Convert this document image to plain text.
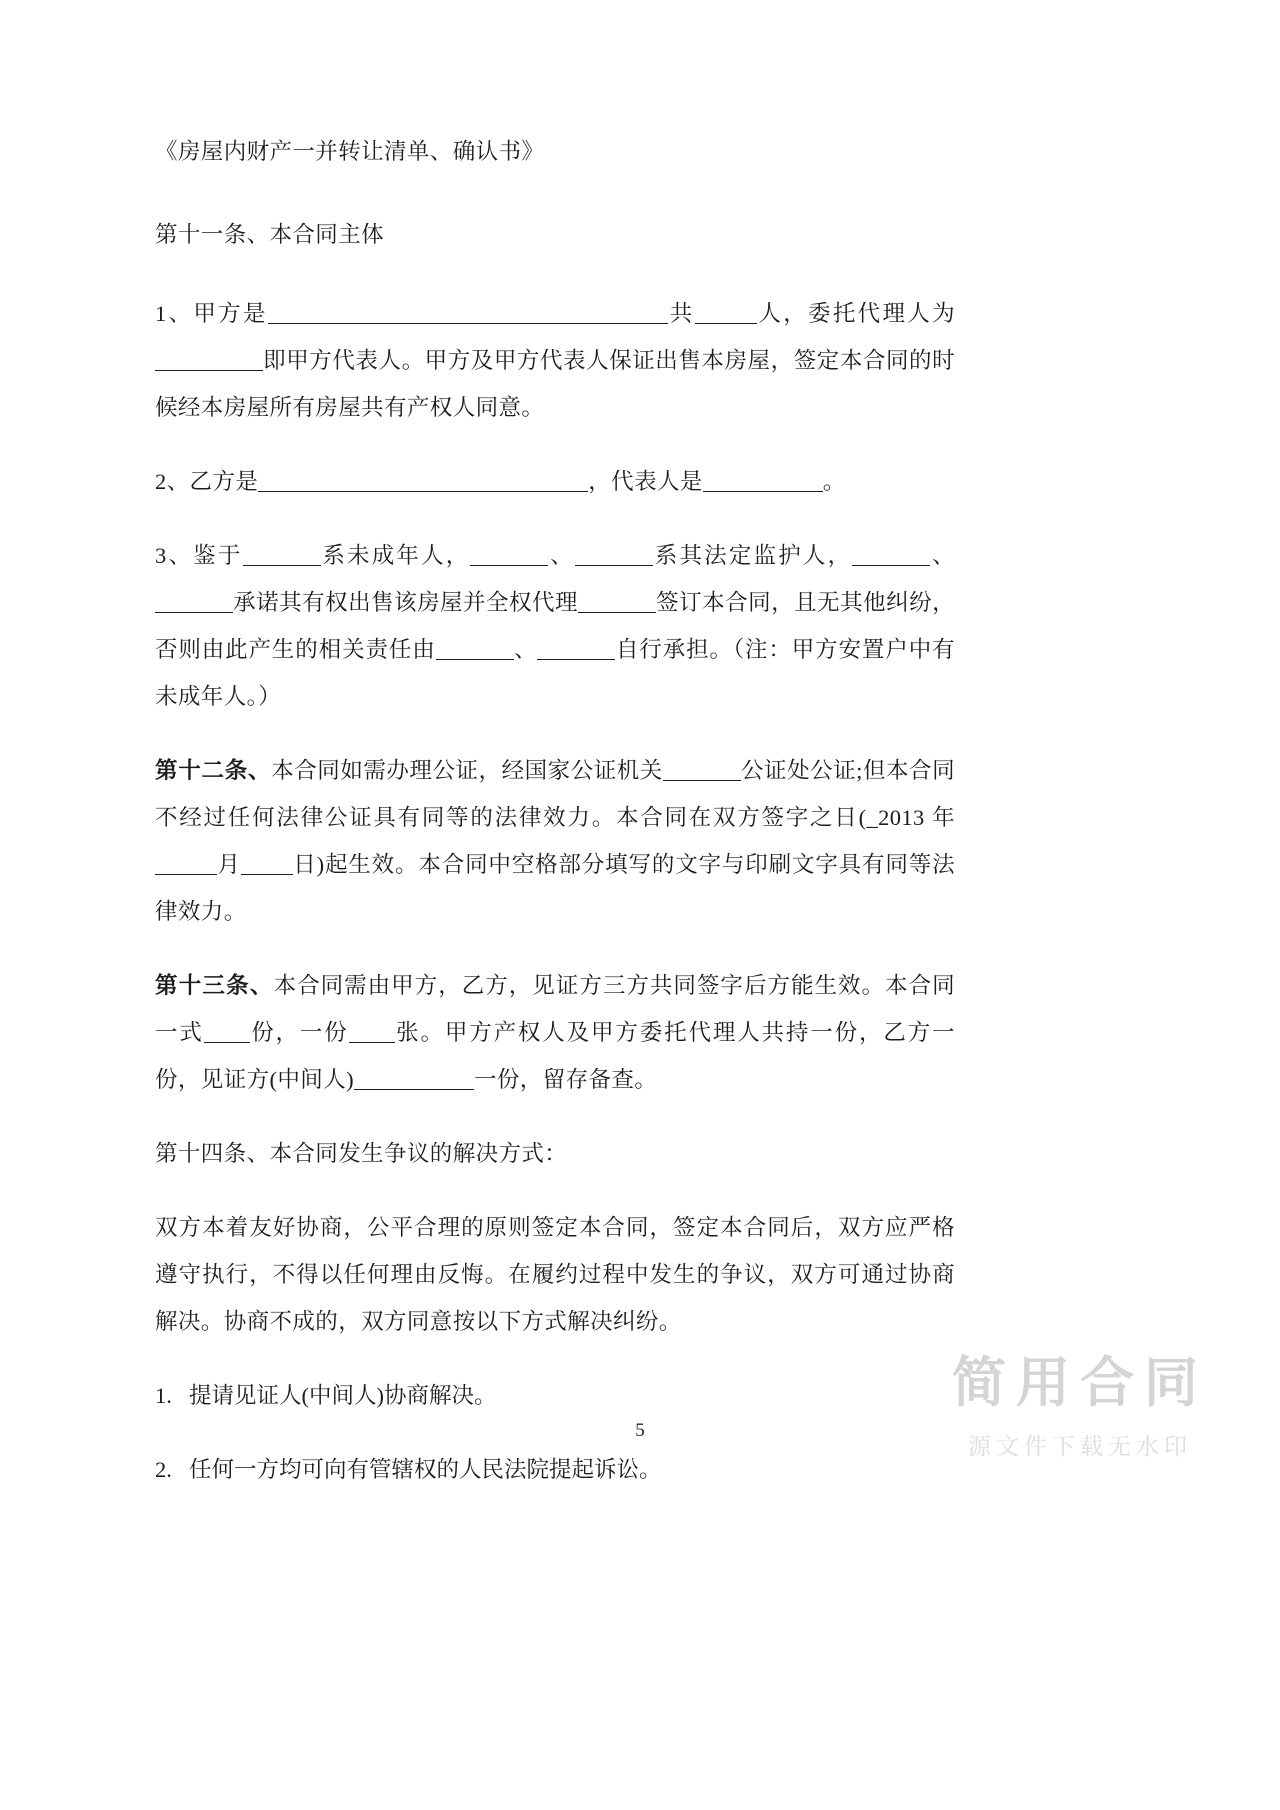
《房屋内财产一并转让清单、确认书》

第十一条、本合同主体

1、甲方是	共	人，委托代理人为即甲方代表人。甲方及甲方代表人保证出售本房屋，签定本合同的时候经本房屋所有房屋共有产权人同意。

2、乙方是	，代表人是	。

3、鉴于	系未成年人，	、	系其法定监护人，	、承诺其有权出售该房屋并全权代理	签订本合同，且无其他纠纷，否则由此产生的相关责任由	、	自行承担。（注：甲方安置户中有未成年人。）

第十二条、本合同如需办理公证，经国家公证机关	公证处公证;但本合同不经过任何法律公证具有同等的法律效力。本合同在双方签字之日(_2013 年月 日)起生效。本合同中空格部分填写的文字与印刷文字具有同等法律效力。

第十三条、本合同需由甲方，乙方，见证方三方共同签字后方能生效。本合同一式 份，一份 张。甲方产权人及甲方委托代理人共持一份，乙方一份，见证方(中间人)	一份，留存备查。

第十四条、本合同发生争议的解决方式：

双方本着友好协商，公平合理的原则签定本合同，签定本合同后，双方应严格遵守执行，不得以任何理由反悔。在履约过程中发生的争议，双方可通过协商解决。协商不成的，双方同意按以下方式解决纠纷。

1. 提请见证人(中间人)协商解决。
2. 任何一方均可向有管辖权的人民法院提起诉讼。
5
简用合同
源文件下载无水印
